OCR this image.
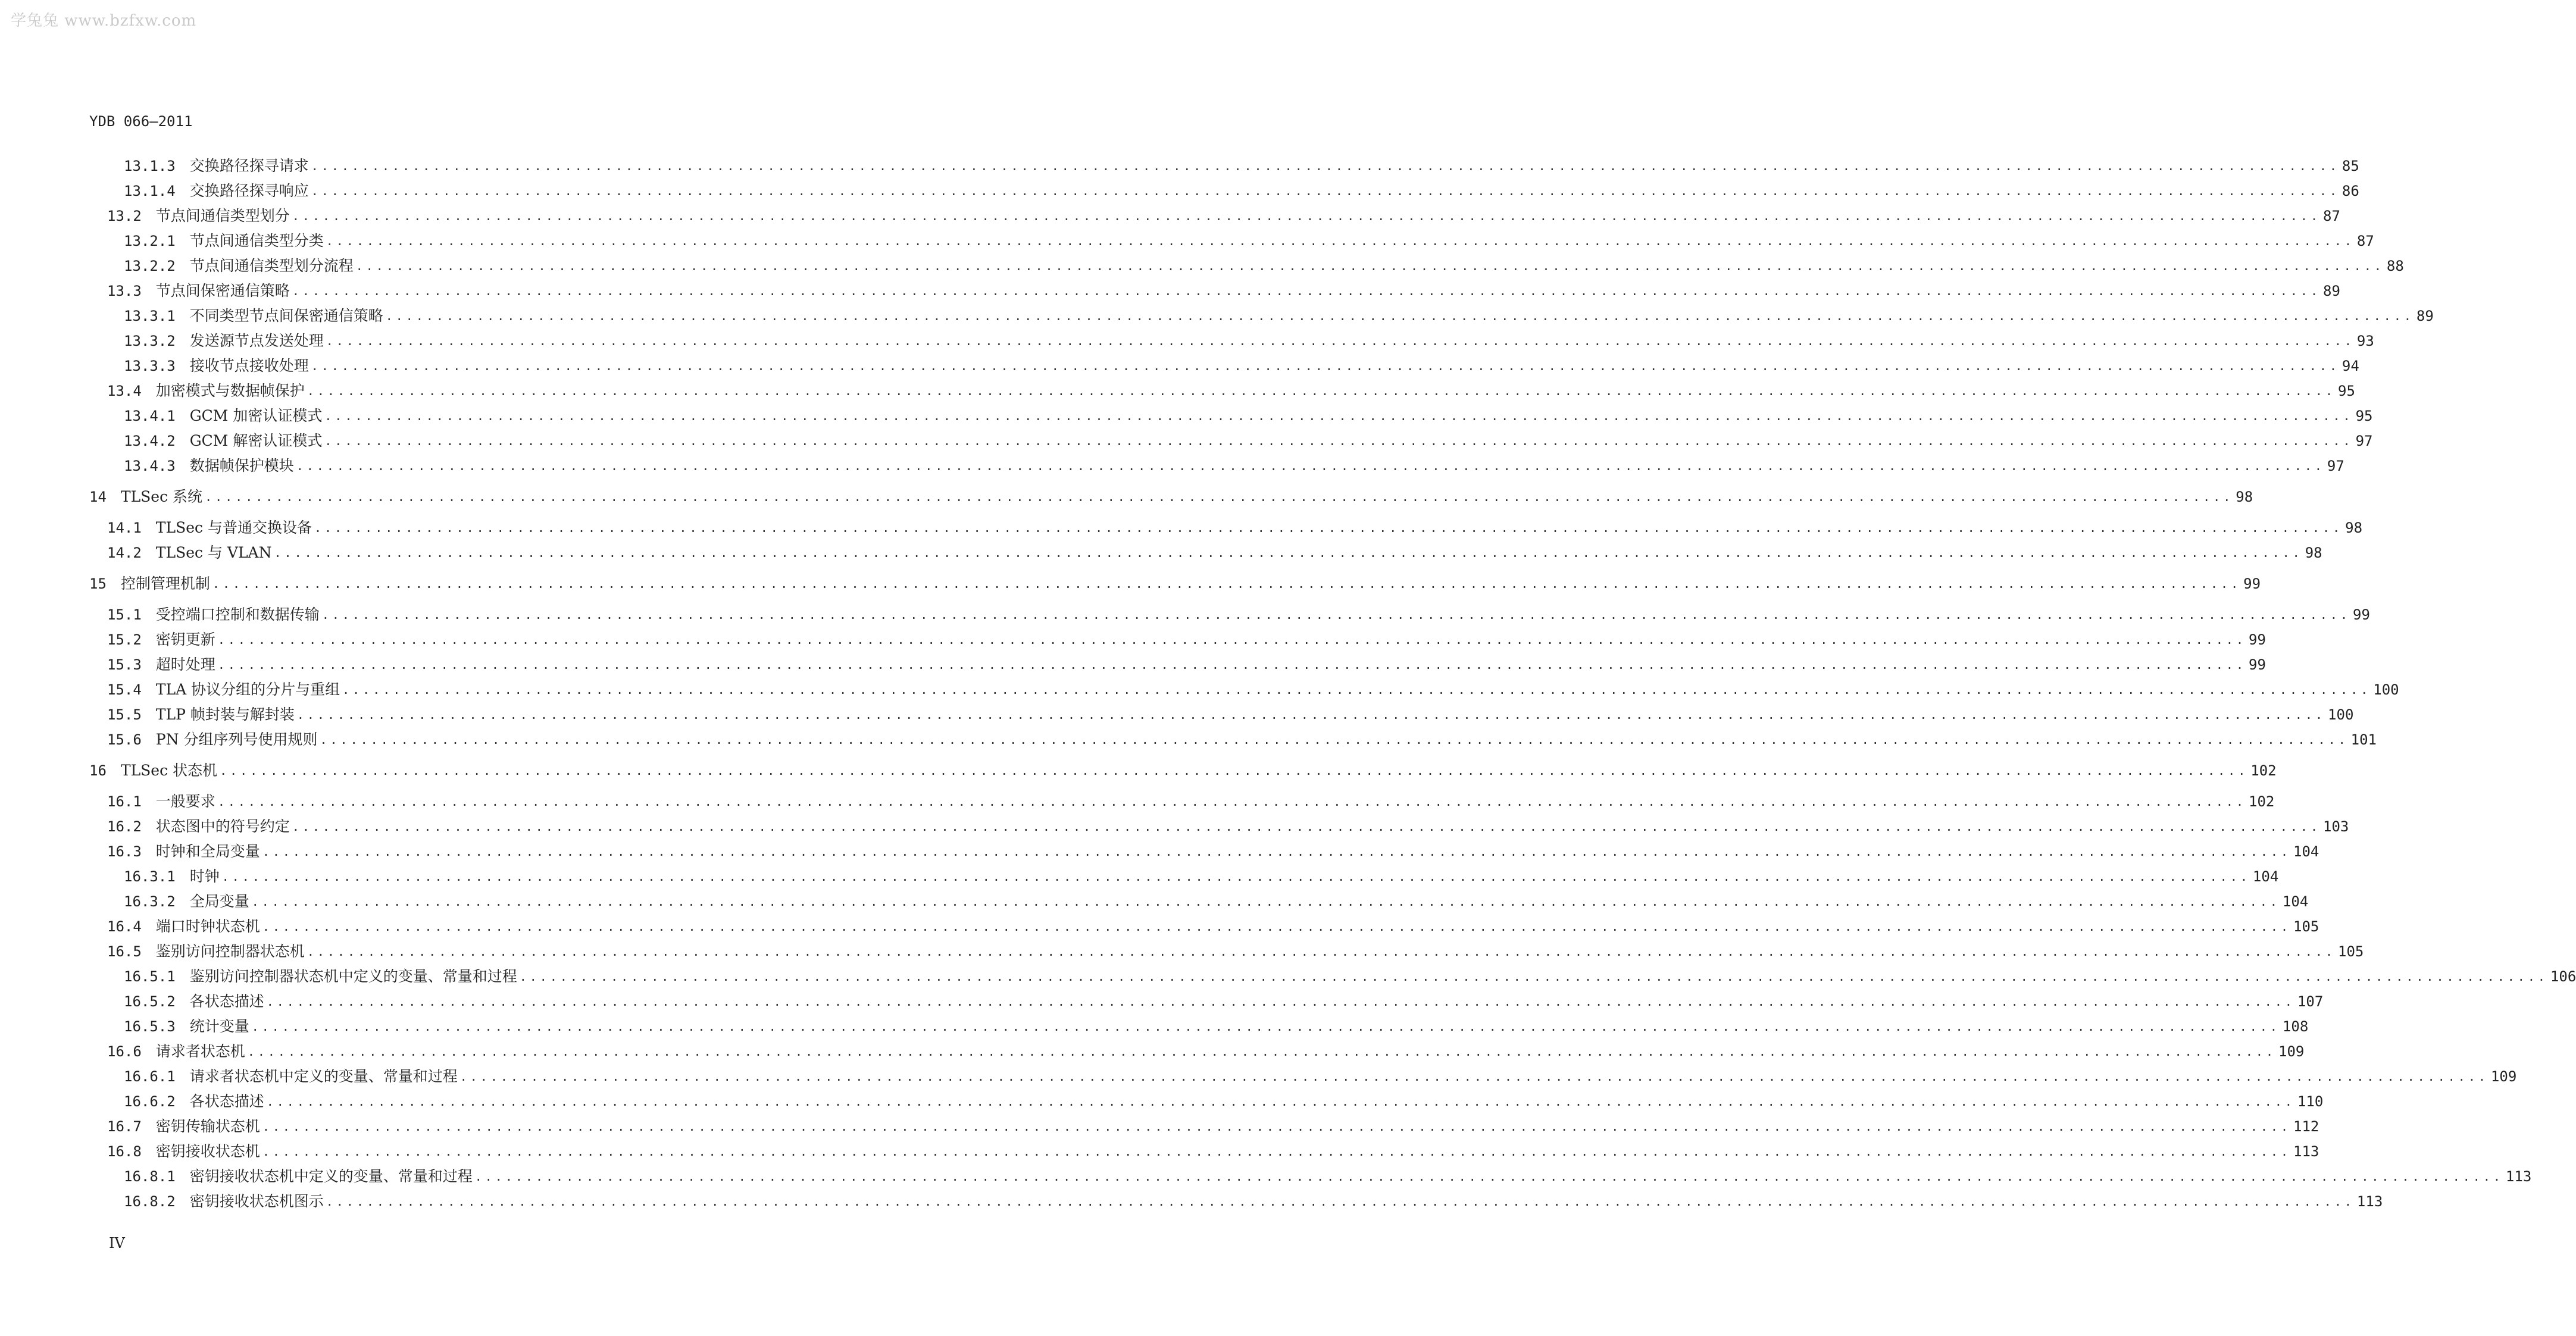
学兔兔 www.bzfxw.com
YDB 066—2011
13.1.3 交换路径探寻请求 ........................................................................................................................................................................................................ 85
13.1.4 交换路径探寻响应 ........................................................................................................................................................................................................ 86
13.2 节点间通信类型划分 ........................................................................................................................................................................................................ 87
13.2.1 节点间通信类型分类 ........................................................................................................................................................................................................ 87
13.2.2 节点间通信类型划分流程 ........................................................................................................................................................................................................ 88
13.3 节点间保密通信策略 ........................................................................................................................................................................................................ 89
13.3.1 不同类型节点间保密通信策略 ........................................................................................................................................................................................................ 89
13.3.2 发送源节点发送处理 ........................................................................................................................................................................................................ 93
13.3.3 接收节点接收处理 ........................................................................................................................................................................................................ 94
13.4 加密模式与数据帧保护 ........................................................................................................................................................................................................ 95
13.4.1 GCM 加密认证模式 ........................................................................................................................................................................................................ 95
13.4.2 GCM 解密认证模式 ........................................................................................................................................................................................................ 97
13.4.3 数据帧保护模块 ........................................................................................................................................................................................................ 97
14 TLSec 系统 ........................................................................................................................................................................................................ 98
14.1 TLSec 与普通交换设备 ........................................................................................................................................................................................................ 98
14.2 TLSec 与 VLAN ........................................................................................................................................................................................................ 98
15 控制管理机制 ........................................................................................................................................................................................................ 99
15.1 受控端口控制和数据传输 ........................................................................................................................................................................................................ 99
15.2 密钥更新 ........................................................................................................................................................................................................ 99
15.3 超时处理 ........................................................................................................................................................................................................ 99
15.4 TLA 协议分组的分片与重组 ........................................................................................................................................................................................................ 100
15.5 TLP 帧封装与解封装 ........................................................................................................................................................................................................ 100
15.6 PN 分组序列号使用规则 ........................................................................................................................................................................................................ 101
16 TLSec 状态机 ........................................................................................................................................................................................................ 102
16.1 一般要求 ........................................................................................................................................................................................................ 102
16.2 状态图中的符号约定 ........................................................................................................................................................................................................ 103
16.3 时钟和全局变量 ........................................................................................................................................................................................................ 104
16.3.1 时钟 ........................................................................................................................................................................................................ 104
16.3.2 全局变量 ........................................................................................................................................................................................................ 104
16.4 端口时钟状态机 ........................................................................................................................................................................................................ 105
16.5 鉴别访问控制器状态机 ........................................................................................................................................................................................................ 105
16.5.1 鉴别访问控制器状态机中定义的变量、常量和过程 ........................................................................................................................................................................................................ 106
16.5.2 各状态描述 ........................................................................................................................................................................................................ 107
16.5.3 统计变量 ........................................................................................................................................................................................................ 108
16.6 请求者状态机 ........................................................................................................................................................................................................ 109
16.6.1 请求者状态机中定义的变量、常量和过程 ........................................................................................................................................................................................................ 109
16.6.2 各状态描述 ........................................................................................................................................................................................................ 110
16.7 密钥传输状态机 ........................................................................................................................................................................................................ 112
16.8 密钥接收状态机 ........................................................................................................................................................................................................ 113
16.8.1 密钥接收状态机中定义的变量、常量和过程 ........................................................................................................................................................................................................ 113
16.8.2 密钥接收状态机图示 ........................................................................................................................................................................................................ 113
IV
